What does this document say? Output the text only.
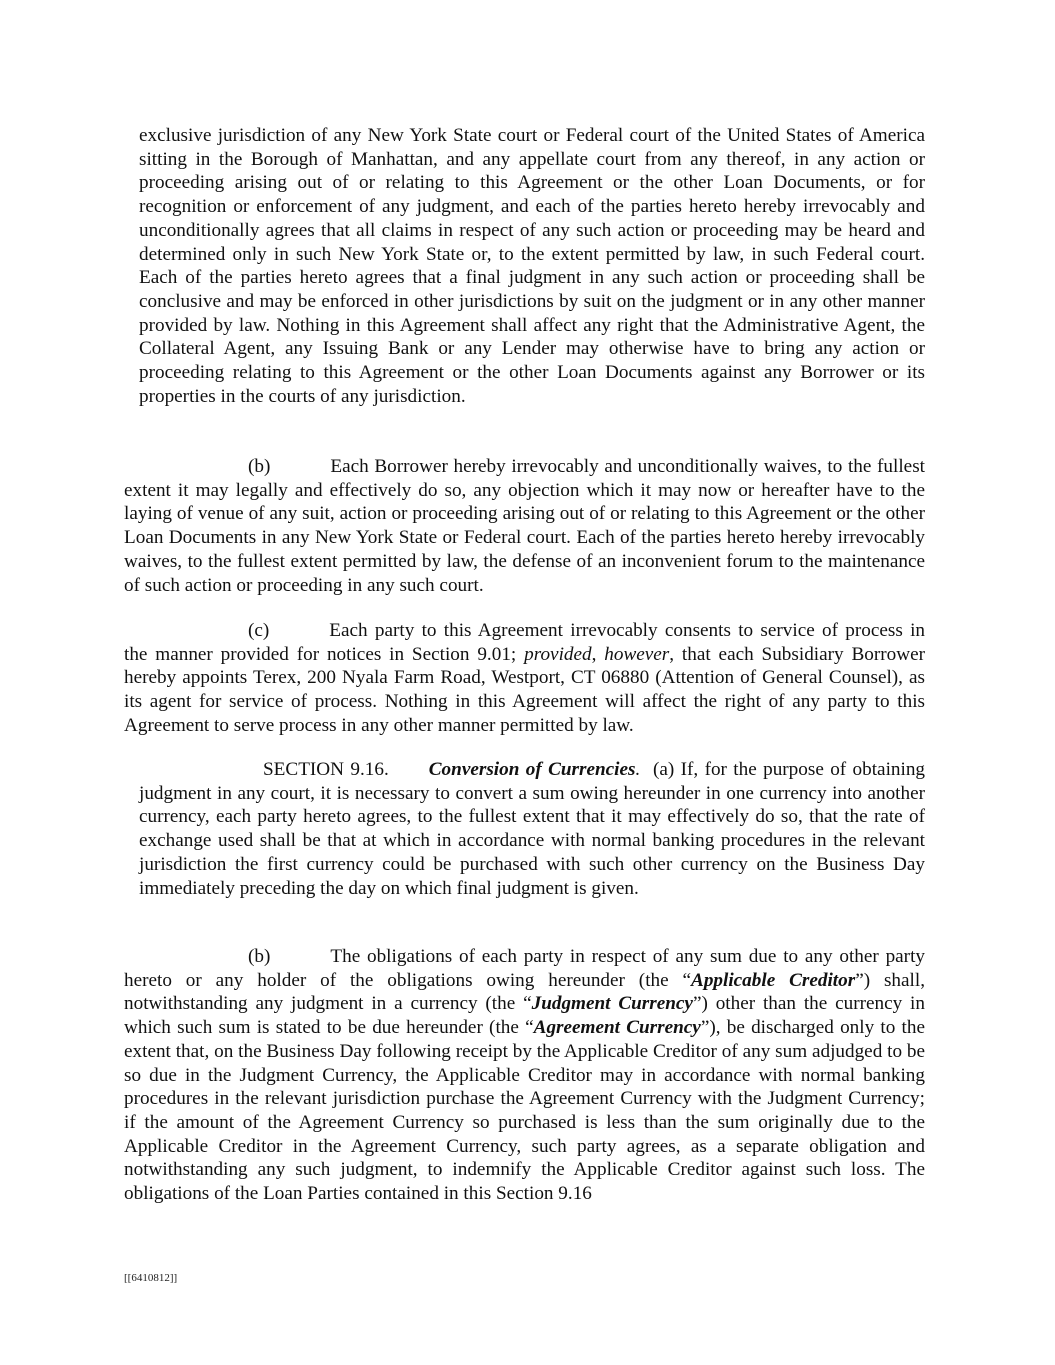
exclusive jurisdiction of any New York State court or Federal court of the United States of America sitting in the Borough of Manhattan, and any appellate court from any thereof, in any action or proceeding arising out of or relating to this Agreement or the other Loan Documents, or for recognition or enforcement of any judgment, and each of the parties hereto hereby irrevocably and unconditionally agrees that all claims in respect of any such action or proceeding may be heard and determined only in such New York State or, to the extent permitted by law, in such Federal court. Each of the parties hereto agrees that a final judgment in any such action or proceeding shall be conclusive and may be enforced in other jurisdictions by suit on the judgment or in any other manner provided by law. Nothing in this Agreement shall affect any right that the Administrative Agent, the Collateral Agent, any Issuing Bank or any Lender may otherwise have to bring any action or proceeding relating to this Agreement or the other Loan Documents against any Borrower or its properties in the courts of any jurisdiction.

(b)	Each Borrower hereby irrevocably and unconditionally waives, to the fullest extent it may legally and effectively do so, any objection which it may now or hereafter have to the laying of venue of any suit, action or proceeding arising out of or relating to this Agreement or the other Loan Documents in any New York State or Federal court. Each of the parties hereto hereby irrevocably waives, to the fullest extent permitted by law, the defense of an inconvenient forum to the maintenance of such action or proceeding in any such court.

(c)	Each party to this Agreement irrevocably consents to service of process in the manner provided for notices in Section 9.01; provided, however, that each Subsidiary Borrower hereby appoints Terex, 200 Nyala Farm Road, Westport, CT 06880 (Attention of General Counsel), as its agent for service of process. Nothing in this Agreement will affect the right of any party to this Agreement to serve process in any other manner permitted by law.

SECTION 9.16. Conversion of Currencies. (a) If, for the purpose of obtaining judgment in any court, it is necessary to convert a sum owing hereunder in one currency into another currency, each party hereto agrees, to the fullest extent that it may effectively do so, that the rate of exchange used shall be that at which in accordance with normal banking procedures in the relevant jurisdiction the first currency could be purchased with such other currency on the Business Day immediately preceding the day on which final judgment is given.

(b)	The obligations of each party in respect of any sum due to any other party hereto or any holder of the obligations owing hereunder (the “Applicable Creditor”) shall, notwithstanding any judgment in a currency (the “Judgment Currency”) other than the currency in which such sum is stated to be due hereunder (the “Agreement Currency”), be discharged only to the extent that, on the Business Day following receipt by the Applicable Creditor of any sum adjudged to be so due in the Judgment Currency, the Applicable Creditor may in accordance with normal banking procedures in the relevant jurisdiction purchase the Agreement Currency with the Judgment Currency; if the amount of the Agreement Currency so purchased is less than the sum originally due to the Applicable Creditor in the Agreement Currency, such party agrees, as a separate obligation and notwithstanding any such judgment, to indemnify the Applicable Creditor against such loss. The obligations of the Loan Parties contained in this Section 9.16

[[6410812]]
